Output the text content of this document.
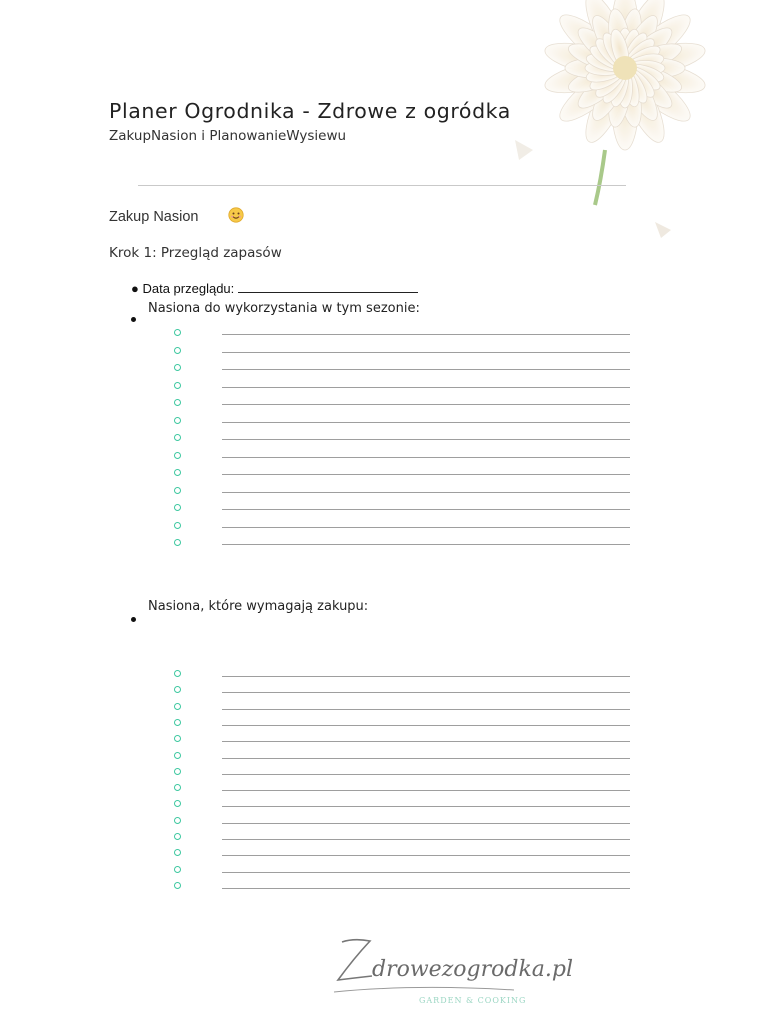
Planer Ogrodnika - Zdrowe z ogródka
ZakupNasion i PlanowanieWysiewu
Zakup Nasion
Krok 1: Przegląd zapasów
● Data przeglądu:
Nasiona do wykorzystania w tym sezonie:
Nasiona, które wymagają zakupu:
drowezogrodka.pl
GARDEN & COOKING
